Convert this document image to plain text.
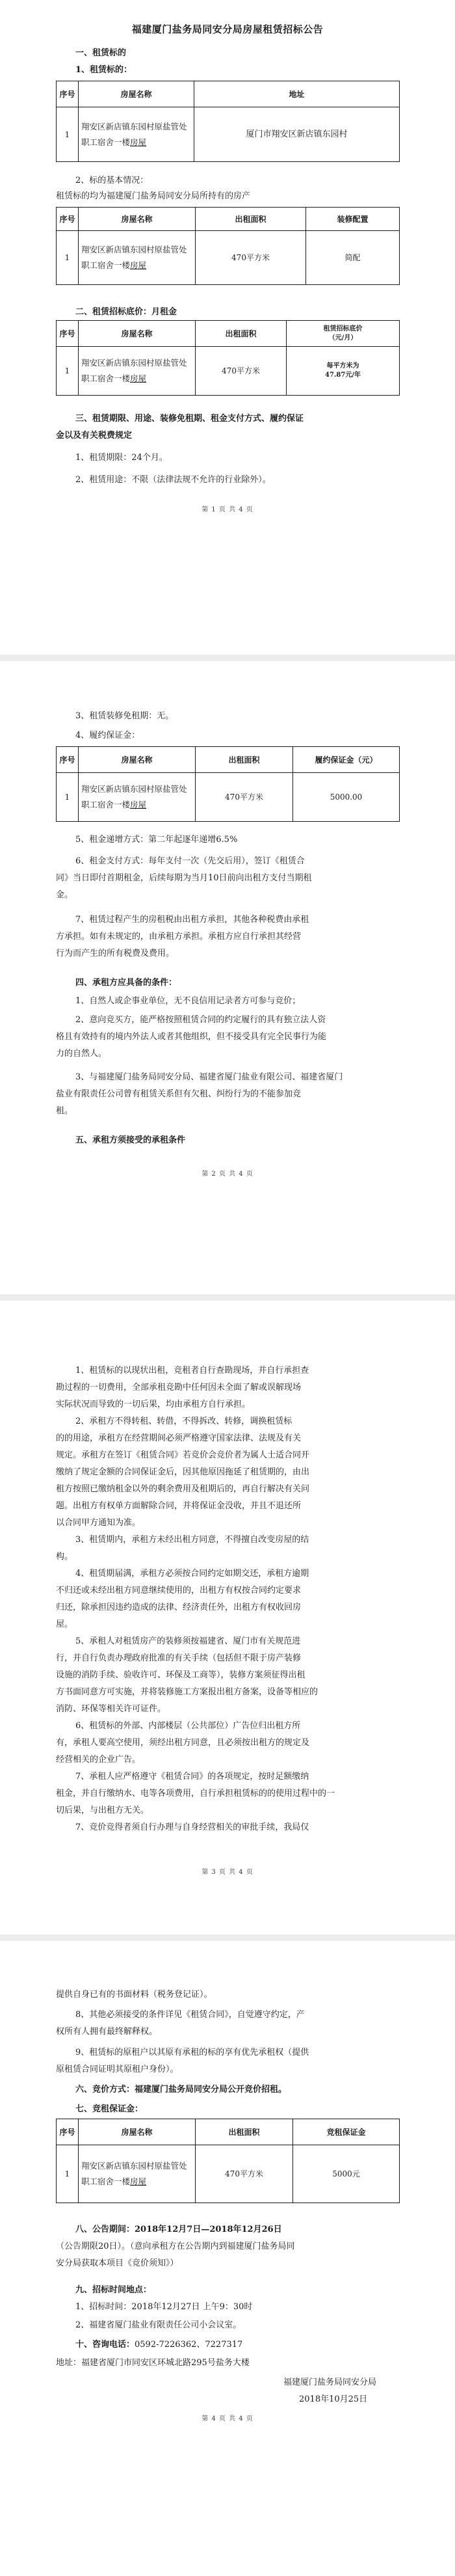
福建厦门盐务局同安分局房屋租赁招标公告
一、租赁标的
1、租赁标的：
序号	房屋名称	地址
1	翔安区新店镇东园村原盐管处职工宿舍一楼房屋	厦门市翔安区新店镇东园村
2、标的基本情况：
租赁标的均为福建厦门盐务局同安分局所持有的房产
序号	房屋名称	出租面积	装修配置
1	翔安区新店镇东园村原盐管处职工宿舍一楼房屋	470平方米	简配
二、租赁招标底价：月租金
序号	房屋名称	出租面积	租赁招标底价
（元/月）

1	翔安区新店镇东园村原盐管处职工宿舍一楼房屋	470平方米	每平方米为
47.87元/年
三、租赁期限、用途、装修免租期、租金支付方式、履约保证
金以及有关税费规定
1、租赁期限：24个月。
2、租赁用途：不限（法律法规不允许的行业除外）。
第 1 页 共 4 页
3、租赁装修免租期：无。
4、履约保证金：
序号	房屋名称	出租面积	履约保证金（元）
1	翔安区新店镇东园村原盐管处职工宿舍一楼房屋	470平方米	5000.00
5、租金递增方式：第二年起逐年递增6.5%
6、租金支付方式：每年支付一次（先交后用），签订《租赁合
同》当日即付首期租金，后续每期为当月10日前向出租方支付当期租
金。
7、租赁过程产生的房租税由出租方承担，其他各种税费由承租
方承担。如有未规定的，由承租方承担。承租方应自行承担其经营
行为而产生的所有税费及费用。
四、承租方应具备的条件：
1、自然人或企事业单位，无不良信用记录者方可参与竞价；
2、意向竞买方，能严格按照租赁合同的约定履行的具有独立法人资
格且有效持有的境内外法人或者其他组织，但不接受具有完全民事行为能
力的自然人。
3、与福建厦门盐务局同安分局、福建省厦门盐业有限公司、福建省厦门
盐业有限责任公司曾有租赁关系但有欠租、纠纷行为的不能参加竞
租。
五、承租方须接受的承租条件
第 2 页 共 4 页
1、租赁标的以现状出租，竞租者自行查勘现场，并自行承担查
勘过程的一切费用，全部承租竞勘中任何因未全面了解或误解现场
实际状况而导致的一切后果，均由承租方自行承担。
2、承租方不得转租、转借，不得拆改、转修，调换租赁标
的的用途，承租方在经营期间必须严格遵守国家法律、法规及有关
规定。承租方在签订《租赁合同》若竞价会竞价者为属人士适合同开
缴纳了规定金额的合同保证金后，因其他原因拖延了租赁期的，由出
租方按照已缴纳租金以外的剩余费用及租期后的，再自行解决有关问
题。出租方有权单方面解除合同，并将保证金没收，并且不退还所
以合同甲方通知为准。
3、租赁期内，承租方未经出租方同意，不得擅自改变房屋的结
构。
4、租赁期届满，承租方必须按合同约定如期交还，承租方逾期
不归还或未经出租方同意继续使用的，出租方有权按合同约定要求
归还，除承担因违约造成的法律、经济责任外，出租方有权收回房
屋。
5、承租人对租赁房产的装修须按福建省、厦门市有关规范进
行，并自行负责办理政府批准的有关手续（包括但不限于房产装修
设施的消防手续、验收许可、环保及工商等），装修方案须征得出租
方书面同意方可实施，并将装修施工方案报出租方备案，设备等相应的
消防、环保等相关许可证件。
6、租赁标的外部、内部楼层（公共部位）广告位归出租方所
有，承租人要高空使用，须经出租方同意，且必须按出租方的规定及
经营相关的企业广告。
7、承租人应严格遵守《租赁合同》的各项规定，按时足额缴纳
租金，并自行缴纳水、电等各项费用，自行承担租赁标的的使用过程中的一
切后果，与出租方无关。
7、竞价竞得者须自行办理与自身经营相关的审批手续，我局仅
第 3 页 共 4 页
提供自身已有的书面材料（税务登记证）。
8、其他必须接受的条件详见《租赁合同》，自觉遵守约定，产
权所有人拥有最终解释权。
9、租赁标的原租户以其原有承租的标的享有优先承租权（提供
原租赁合同证明其原租户身份）。
六、竞价方式：福建厦门盐务局同安分局公开竞价招租。
七、竞租保证金：
序号	房屋名称	出租面积	竞租保证金
1	翔安区新店镇东园村原盐管处职工宿舍一楼房屋	470平方米	5000元
八、公告期间：2018年12月7日—2018年12月26日
（公告期限20日）。（意向承租方在公告期内到福建厦门盐务局同
安分局获取本项目《竞价须知》）
九、招标时间地点：
1、招标时间：2018年12月27日 上午9：30时
2、福建省厦门盐业有限责任公司小会议室。
十、咨询电话：0592-7226362、7227317
地址：福建省厦门市同安区环城北路295号盐务大楼
福建厦门盐务局同安分局
2018年10月25日
第 4 页 共 4 页
